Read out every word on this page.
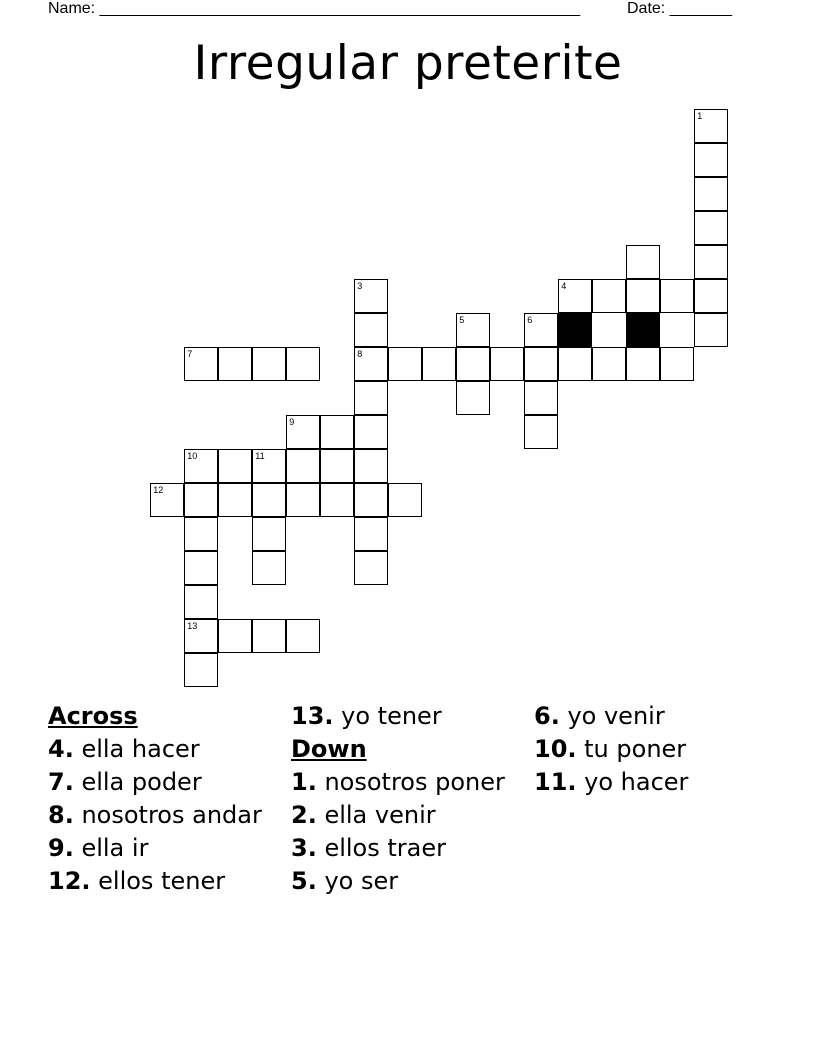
Name: ______________________________________________________	Date: _______
Irregular preterite
1
3
8
5	6
4
7
9
10	11
12
13
Across
4. ella hacer
7. ella poder
8. nosotros andar
9. ella ir
12. ellos tener
13. yo tener
Down
1. nosotros poner
2. ella venir
3. ellos traer
5. yo ser
6. yo venir
10. tu poner
11. yo hacer
